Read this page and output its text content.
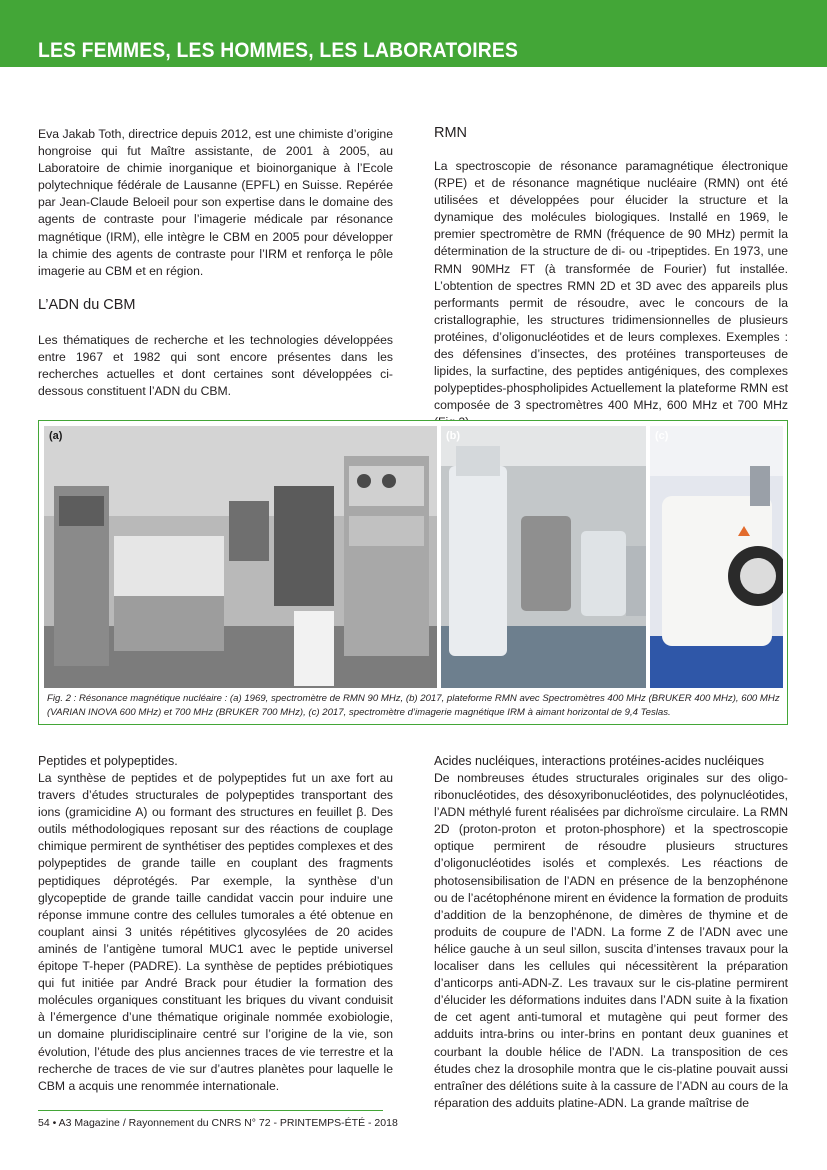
LES FEMMES, LES HOMMES, LES LABORATOIRES

Eva Jakab Toth, directrice depuis 2012, est une chimiste d’origine hongroise qui fut Maître assistante, de 2001 à 2005, au Laboratoire de chimie inorganique et bioinorganique à l’Ecole polytechnique fédérale de Lausanne (EPFL) en Suisse. Repérée par Jean-Claude Beloeil pour son expertise dans le domaine des agents de contraste pour l’imagerie médicale par résonance magnétique (IRM), elle intègre le CBM en 2005 pour développer la chimie des agents de contraste pour l’IRM et renforça le pôle imagerie au CBM et en région.

L’ADN du CBM

Les thématiques de recherche et les technologies développées entre 1967 et 1982 qui sont encore présentes dans les recherches actuelles et dont certaines sont développées ci-dessous constituent l’ADN du CBM.

RMN

La spectroscopie de résonance paramagnétique électronique (RPE) et de résonance magnétique nucléaire (RMN) ont été utilisées et développées pour élucider la structure et la dynamique des molécules biologiques. Installé en 1969, le premier spectromètre de RMN (fréquence de 90 MHz) permit la détermination de la structure de di- ou -tripeptides. En 1973, une RMN 90MHz FT (à transformée de Fourier) fut installée. L’obtention de spectres RMN 2D et 3D avec des appareils plus performants permit de résoudre, avec le concours de la cristallographie, les structures tridimensionnelles de plusieurs protéines, d’oligonucléotides et de leurs complexes. Exemples : des défensines d’insectes, des protéines transporteuses de lipides, la surfactine, des peptides antigéniques, des complexes polypeptides-phospholipides Actuellement la plateforme RMN est composée de 3 spectromètres 400 MHz, 600 MHz et 700 MHz

(a)	(b)	(c)
Fig. 2 : Résonance magnétique nucléaire : (a) 1969, spectromètre de RMN 90 MHz, (b) 2017, plateforme RMN avec Spectromètres 400 MHz (BRUKER 400 MHz), 600 MHz (VARIAN INOVA 600 MHz) et 700 MHz (BRUKER 700 MHz), (c) 2017, spectromètre d’imagerie magnétique IRM à aimant horizontal de 9,4 Teslas.
Peptides et polypeptides.

La synthèse de peptides et de polypeptides fut un axe fort au travers d’études structurales de polypeptides transportant des ions (gramicidine A) ou formant des structures en feuillet β. Des outils méthodologiques reposant sur des réactions de couplage chimique permirent de synthétiser des peptides complexes et des polypeptides de grande taille en couplant des fragments peptidiques déprotégés. Par exemple, la synthèse d’un glycopeptide de grande taille candidat vaccin pour induire une réponse immune contre des cellules tumorales a été obtenue en couplant ainsi 3 unités répétitives glycosylées de 20 acides aminés de l’antigène tumoral MUC1 avec le peptide universel épitope T-heper (PADRE). La synthèse de peptides prébiotiques qui fut initiée par André Brack pour étudier la formation des molécules organiques constituant les briques du vivant conduisit à l’émergence d’une thématique originale nommée exobiologie, un domaine pluridisciplinaire centré sur l’origine de la vie, son évolution, l’étude des plus anciennes traces de vie terrestre et la recherche de traces de vie sur d’autres planètes pour laquelle le CBM a acquis une renommée internationale.

Acides nucléiques, interactions protéines-acides nucléiques

De nombreuses études structurales originales sur des oligo-ribonucléotides, des désoxyribonucléotides, des polynucléotides, l’ADN méthylé furent réalisées par dichroïsme circulaire. La RMN 2D (proton-proton et proton-phosphore) et la spectroscopie optique permirent de résoudre plusieurs structures d’oligonucléotides isolés et complexés. Les réactions de photosensibilisation de l’ADN en présence de la benzophénone ou de l’acétophénone mirent en évidence la formation de produits d’addition de la benzophénone, de dimères de thymine et de produits de coupure de l’ADN. La forme Z de l’ADN avec une hélice gauche à un seul sillon, suscita d’intenses travaux pour la localiser dans les cellules qui nécessitèrent la préparation d’anticorps anti-ADN-Z. Les travaux sur le cis-platine permirent d’élucider les déformations induites dans l’ADN suite à la fixation de cet agent anti-tumoral et mutagène qui peut former des adduits intra-brins ou inter-brins en pontant deux guanines et courbant la double hélice de l’ADN. La transposition de ces études chez la drosophile montra que le cis-platine pouvait aussi entraîner des délétions suite à la cassure de l’ADN au cours de la réparation des adduits platine-ADN. La grande maîtrise de

54 • A3 Magazine / Rayonnement du CNRS N° 72 - PRINTEMPS-ÉTÉ - 2018
